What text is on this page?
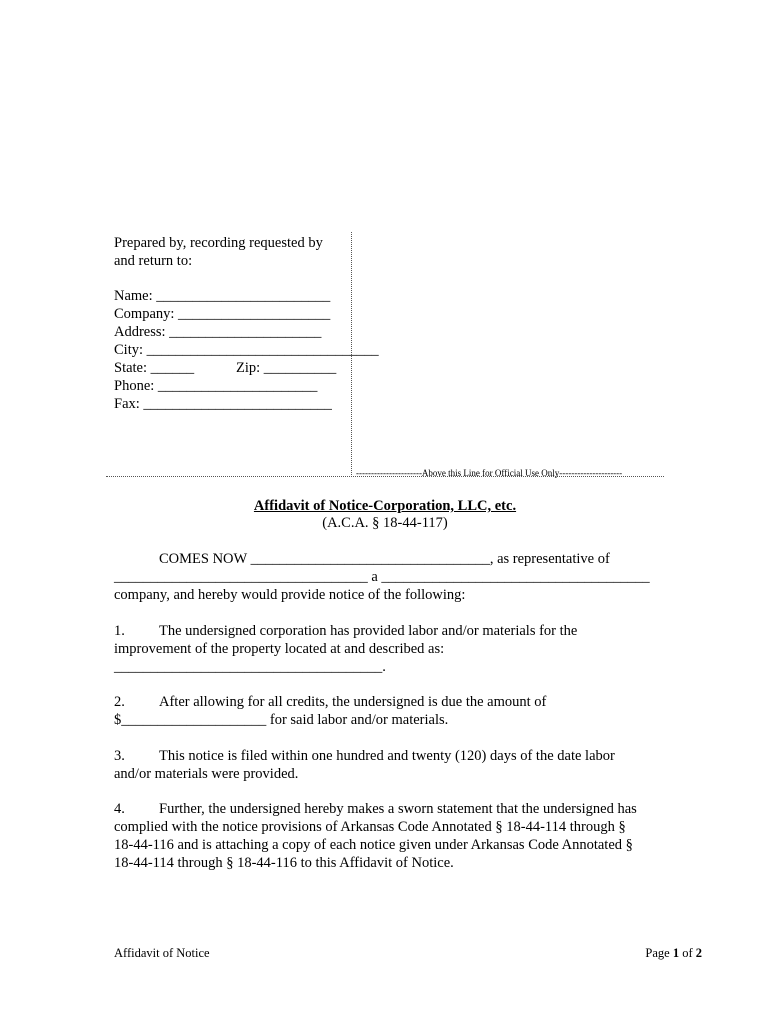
Prepared by, recording requested by
and return to:
Name: ________________________
Company: _____________________
Address: _____________________
City: ________________________________
State: ______	Zip: __________
Phone: ______________________
Fax: __________________________
----------------------Above this Line for Official Use Only---------------------
Affidavit of Notice-Corporation, LLC, etc.
(A.C.A. § 18-44-117)
COMES NOW _________________________________, as representative of
___________________________________ a _____________________________________
company, and hereby would provide notice of the following:
1. The undersigned corporation has provided labor and/or materials for the
improvement of the property located at and described as:
_____________________________________.
2. After allowing for all credits, the undersigned is due the amount of
$____________________ for said labor and/or materials.
3. This notice is filed within one hundred and twenty (120) days of the date labor
and/or materials were provided.
4. Further, the undersigned hereby makes a sworn statement that the undersigned has
complied with the notice provisions of Arkansas Code Annotated § 18-44-114 through §
18-44-116 and is attaching a copy of each notice given under Arkansas Code Annotated §
18-44-114 through § 18-44-116 to this Affidavit of Notice.
Affidavit of Notice	Page 1 of 2
